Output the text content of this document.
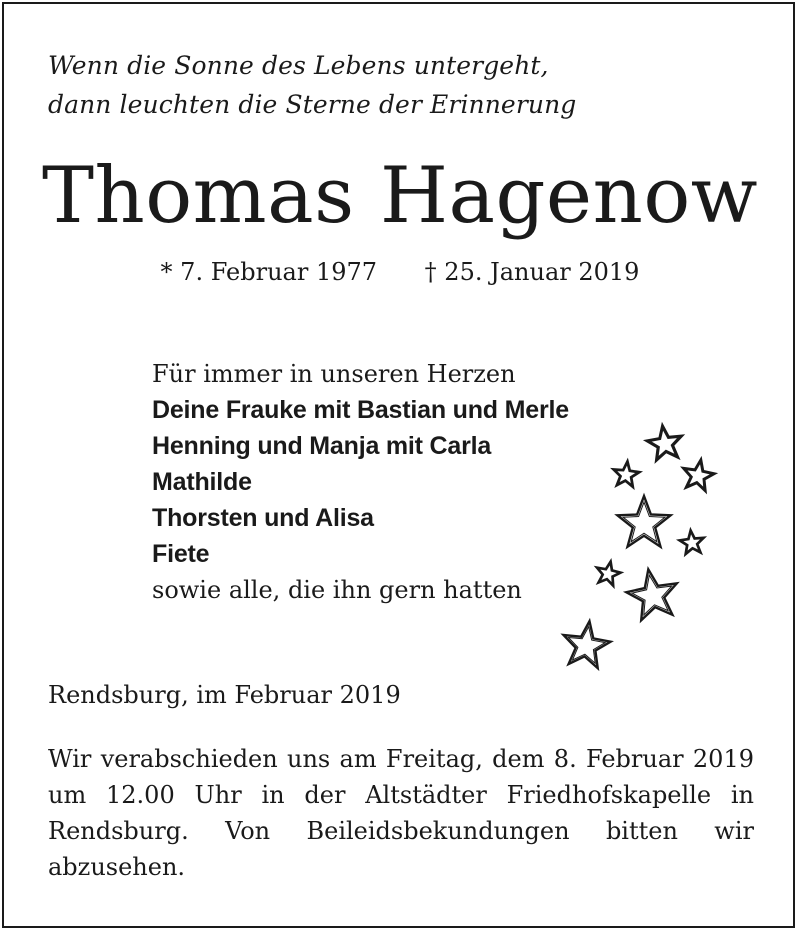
Wenn die Sonne des Lebens untergeht,
dann leuchten die Sterne der Erinnerung
Thomas Hagenow
* 7. Februar 1977 † 25. Januar 2019
Für immer in unseren Herzen
Deine Frauke mit Bastian und Merle
Henning und Manja mit Carla
Mathilde
Thorsten und Alisa
Fiete
sowie alle, die ihn gern hatten
Rendsburg, im Februar 2019
Wir verabschieden uns am Freitag, dem 8. Februar 2019 um 12.00 Uhr in der Altstädter Friedhofskapelle in Rendsburg. Von Beileidsbekundungen bitten wir abzusehen.
